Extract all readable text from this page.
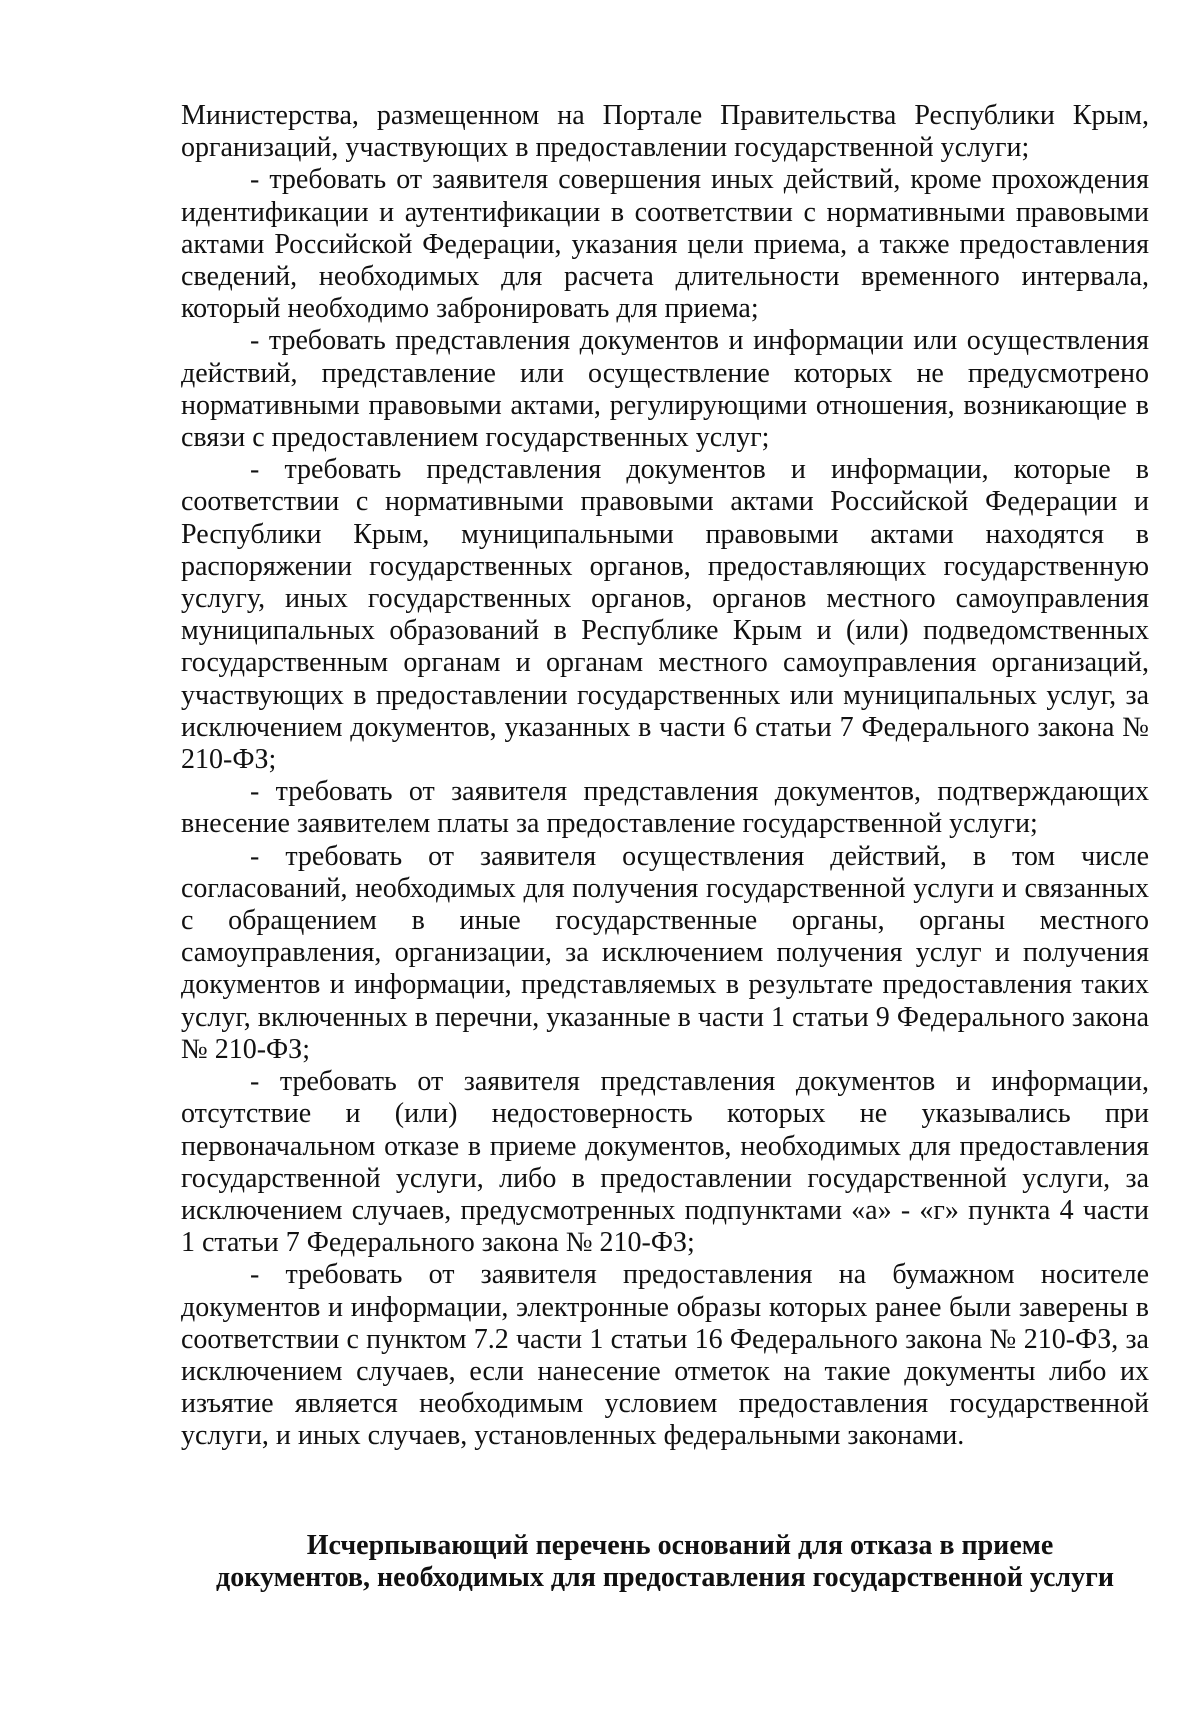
Министерства, размещенном на Портале Правительства Республики Крым, организаций, участвующих в предоставлении государственной услуги;

- требовать от заявителя совершения иных действий, кроме прохождения идентификации и аутентификации в соответствии с нормативными правовыми актами Российской Федерации, указания цели приема, а также предоставления сведений, необходимых для расчета длительности временного интервала, который необходимо забронировать для приема;

- требовать представления документов и информации или осуществления действий, представление или осуществление которых не предусмотрено нормативными правовыми актами, регулирующими отношения, возникающие в связи с предоставлением государственных услуг;

- требовать представления документов и информации, которые в соответствии с нормативными правовыми актами Российской Федерации и Республики Крым, муниципальными правовыми актами находятся в распоряжении государственных органов, предоставляющих государственную услугу, иных государственных органов, органов местного самоуправления муниципальных образований в Республике Крым и (или) подведомственных государственным органам и органам местного самоуправления организаций, участвующих в предоставлении государственных или муниципальных услуг, за исключением документов, указанных в части 6 статьи 7 Федерального закона № 210-ФЗ;

- требовать от заявителя представления документов, подтверждающих внесение заявителем платы за предоставление государственной услуги;

- требовать от заявителя осуществления действий, в том числе согласований, необходимых для получения государственной услуги и связанных с обращением в иные государственные органы, органы местного самоуправления, организации, за исключением получения услуг и получения документов и информации, представляемых в результате предоставления таких услуг, включенных в перечни, указанные в части 1 статьи 9 Федерального закона № 210-ФЗ;

- требовать от заявителя представления документов и информации, отсутствие и (или) недостоверность которых не указывались при первоначальном отказе в приеме документов, необходимых для предоставления государственной услуги, либо в предоставлении государственной услуги, за исключением случаев, предусмотренных подпунктами «а» - «г» пункта 4 части 1 статьи 7 Федерального закона № 210-ФЗ;

- требовать от заявителя предоставления на бумажном носителе документов и информации, электронные образы которых ранее были заверены в соответствии с пунктом 7.2 части 1 статьи 16 Федерального закона № 210-ФЗ, за исключением случаев, если нанесение отметок на такие документы либо их изъятие является необходимым условием предоставления государственной услуги, и иных случаев, установленных федеральными законами.

Исчерпывающий перечень оснований для отказа в приеме
документов, необходимых для предоставления государственной услуги
